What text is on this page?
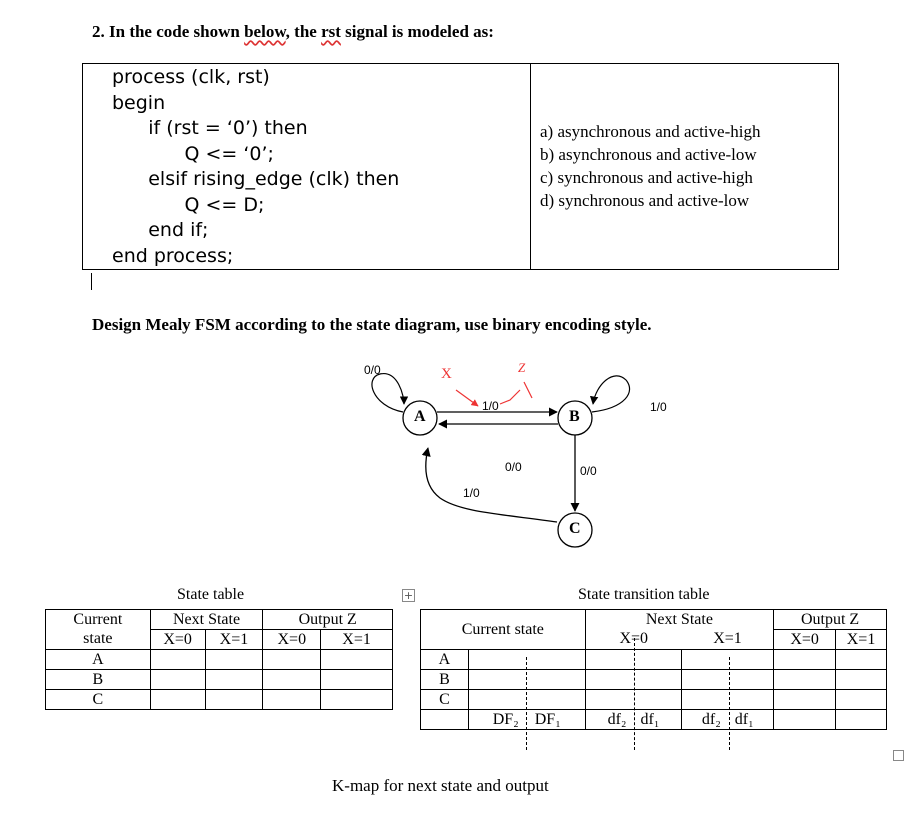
2. In the code shown below, the rst signal is modeled as:
process (clk, rst)
begin
if (rst = ‘0’) then
Q <= ‘0’;
elsif rising_edge (clk) then
Q <= D;
end if;
end process;
a) asynchronous and active-high
b) asynchronous and active-low
c) synchronous and active-high
d) synchronous and active-low
Design Mealy FSM according to the state diagram, use binary encoding style.
A	B
C
0/0
1/0	1/0
0/0	0/0
1/0
X	Z
State table
Current	Next State		Output Z	
state	X=0	X=1	X=0	X=1
A				
B				
C				
+	State transition table
Current state		Next State		Output Z	
		X=0	X=1	X=0	X=1
A					
B					
C					
	DF₂ DF₁	df₂ df₁	df₂ df₁		
K-map for next state and output
